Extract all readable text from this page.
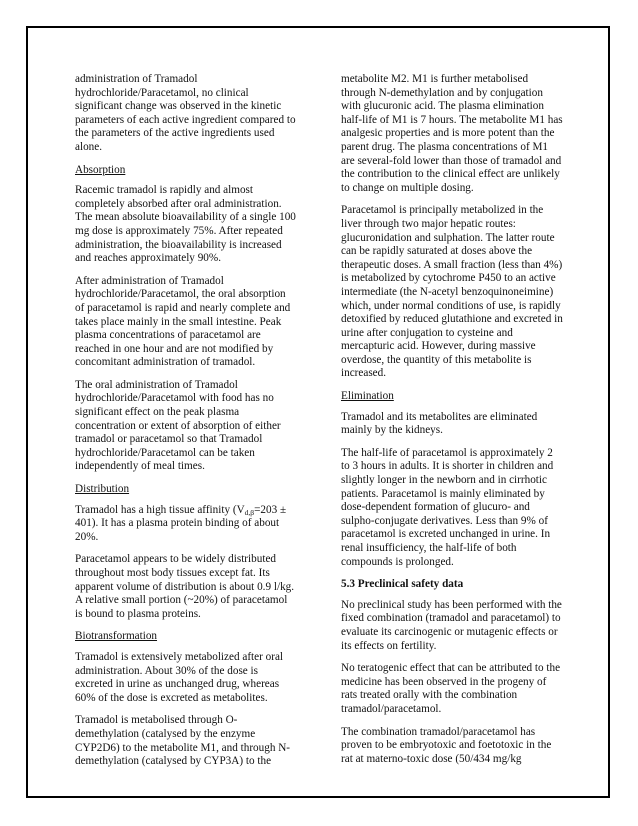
administration of Tramadol hydrochloride/Paracetamol, no clinical significant change was observed in the kinetic parameters of each active ingredient compared to the parameters of the active ingredients used alone.

Absorption

Racemic tramadol is rapidly and almost completely absorbed after oral administration. The mean absolute bioavailability of a single 100 mg dose is approximately 75%. After repeated administration, the bioavailability is increased and reaches approximately 90%.

After administration of Tramadol hydrochloride/Paracetamol, the oral absorption of paracetamol is rapid and nearly complete and takes place mainly in the small intestine. Peak plasma concentrations of paracetamol are reached in one hour and are not modified by concomitant administration of tramadol.

The oral administration of Tramadol hydrochloride/Paracetamol with food has no significant effect on the peak plasma concentration or extent of absorption of either tramadol or paracetamol so that Tramadol hydrochloride/Paracetamol can be taken independently of meal times.

Distribution

Tramadol has a high tissue affinity $(V_{d,\beta}=203 \pm 401)$. It has a plasma protein binding of about 20%.

Paracetamol appears to be widely distributed throughout most body tissues except fat. Its apparent volume of distribution is about 0.9 l/kg. A relative small portion (~20%) of paracetamol is bound to plasma proteins.

Biotransformation

Tramadol is extensively metabolized after oral administration. About 30% of the dose is excreted in urine as unchanged drug, whereas 60% of the dose is excreted as metabolites.

Tramadol is metabolised through O-demethylation (catalysed by the enzyme CYP2D6) to the metabolite M1, and through N-demethylation (catalysed by CYP3A) to the

metabolite M2. M1 is further metabolised through N-demethylation and by conjugation with glucuronic acid. The plasma elimination half-life of M1 is 7 hours. The metabolite M1 has analgesic properties and is more potent than the parent drug. The plasma concentrations of M1 are several-fold lower than those of tramadol and the contribution to the clinical effect are unlikely to change on multiple dosing.

Paracetamol is principally metabolized in the liver through two major hepatic routes: glucuronidation and sulphation. The latter route can be rapidly saturated at doses above the therapeutic doses. A small fraction (less than 4%) is metabolized by cytochrome P450 to an active intermediate (the N-acetyl benzoquinoneimine) which, under normal conditions of use, is rapidly detoxified by reduced glutathione and excreted in urine after conjugation to cysteine and mercapturic acid. However, during massive overdose, the quantity of this metabolite is increased.

Elimination

Tramadol and its metabolites are eliminated mainly by the kidneys.

The half-life of paracetamol is approximately 2 to 3 hours in adults. It is shorter in children and slightly longer in the newborn and in cirrhotic patients. Paracetamol is mainly eliminated by dose-dependent formation of glucuro- and sulpho-conjugate derivatives. Less than 9% of paracetamol is excreted unchanged in urine. In renal insufficiency, the half-life of both compounds is prolonged.

5.3 Preclinical safety data

No preclinical study has been performed with the fixed combination (tramadol and paracetamol) to evaluate its carcinogenic or mutagenic effects or its effects on fertility.

No teratogenic effect that can be attributed to the medicine has been observed in the progeny of rats treated orally with the combination tramadol/paracetamol.

The combination tramadol/paracetamol has proven to be embryotoxic and foetotoxic in the rat at materno-toxic dose (50/434 mg/kg
